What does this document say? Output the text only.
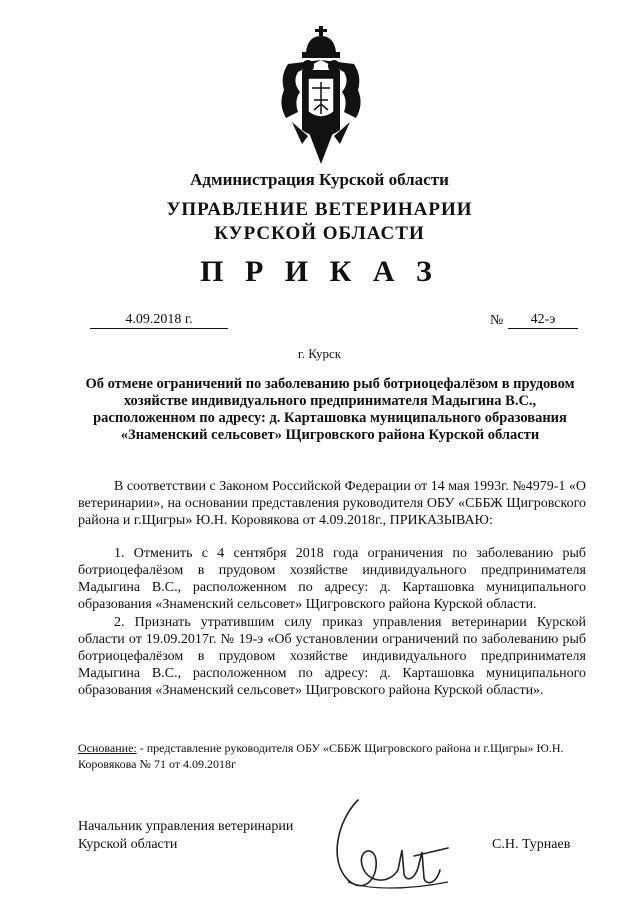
Администрация Курской области
УПРАВЛЕНИЕ ВЕТЕРИНАРИИ
КУРСКОЙ ОБЛАСТИ
П Р И К А З
4.09.2018 г.	№	42-э
г. Курск
Об отмене ограничений по заболеванию рыб ботриоцефалёзом в прудовом хозяйстве индивидуального предпринимателя Мадыгина В.С., расположенном по адресу: д. Карташовка муниципального образования «Знаменский сельсовет» Щигровского района Курской области
В соответствии с Законом Российской Федерации от 14 мая 1993г. №4979-1 «О ветеринарии», на основании представления руководителя ОБУ «СББЖ Щигровского района и г.Щигры» Ю.Н. Коровякова от 4.09.2018г., ПРИКАЗЫВАЮ:
1. Отменить с 4 сентября 2018 года ограничения по заболеванию рыб ботриоцефалёзом в прудовом хозяйстве индивидуального предпринимателя Мадыгина В.С., расположенном по адресу: д. Карташовка муниципального образования «Знаменский сельсовет» Щигровского района Курской области.
2. Признать утратившим силу приказ управления ветеринарии Курской области от 19.09.2017г. № 19-э «Об установлении ограничений по заболеванию рыб ботриоцефалёзом в прудовом хозяйстве индивидуального предпринимателя Мадыгина В.С., расположенном по адресу: д. Карташовка муниципального образования «Знаменский сельсовет» Щигровского района Курской области».
Основание: - представление руководителя ОБУ «СББЖ Щигровского района и г.Щигры» Ю.Н. Коровякова № 71 от 4.09.2018г
Начальник управления ветеринарии
Курской области	С.Н. Турнаев
